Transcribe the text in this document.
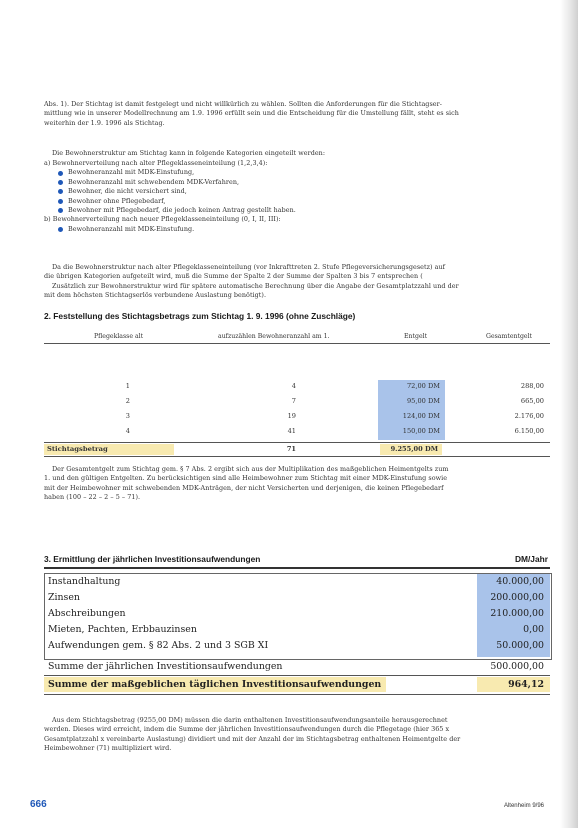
Abs. 1). Der Stichtag ist damit festgelegt und nicht willkürlich zu wählen. Sollten die Anforderungen für die Stichtagser-
mittlung wie in unserer Modellrechnung am 1.9. 1996 erfüllt sein und die Entscheidung für die Umstellung fällt, steht es sich
weiterhin der 1.9. 1996 als Stichtag.
Die Bewohnerstruktur am Stichtag kann in folgende Kategorien eingeteilt werden:
a) Bewohnerverteilung nach alter Pflegeklasseneinteilung (1,2,3,4):
Bewohneranzahl mit MDK-Einstufung,
Bewohneranzahl mit schwebendem MDK-Verfahren,
Bewohner, die nicht versichert sind,
Bewohner ohne Pflegebedarf,
Bewohner mit Pflegebedarf, die jedoch keinen Antrag gestellt haben.
b) Bewohnerverteilung nach neuer Pflegeklasseneinteilung (0, I, II, III):
Bewohneranzahl mit MDK-Einstufung.
Da die Bewohnerstruktur nach alter Pflegeklasseneinteilung (vor Inkrafttreten 2. Stufe Pflegeversicherungsgesetz) auf
die übrigen Kategorien aufgeteilt wird, muß die Summe der Spalte 2 der Summe der Spalten 3 bis 7 entsprechen (
Zusätzlich zur Bewohnerstruktur wird für spätere automatische Berechnung über die Angabe der Gesamtplatzzahl und der
mit dem höchsten Stichtagserlös verbundene Auslastung benötigt).
2. Feststellung des Stichtagsbetrags zum Stichtag 1. 9. 1996 (ohne Zuschläge)
Pflegeklasse alt	aufzuzählen Bewohneranzahl am 1.	Entgelt	Gesamtentgelt
1	4	72,00 DM	288,00
2	7	95,00 DM	665,00
3	19	124,00 DM	2.176,00
4	41	150,00 DM	6.150,00
Stichtagsbetrag	71	9.255,00 DM
Der Gesamtentgelt zum Stichtag gem. § 7 Abs. 2 ergibt sich aus der Multiplikation des maßgeblichen Heimentgelts zum
1. und den gültigen Entgelten. Zu berücksichtigen sind alle Heimbewohner zum Stichtag mit einer MDK-Einstufung sowie
mit der Heimbewohner mit schwebenden MDK-Anträgen, der nicht Versicherten und derjenigen, die keinen Pflegebedarf
haben (100 – 22 – 2 – 5 – 71).
3. Ermittlung der jährlichen Investitionsaufwendungen	DM/Jahr
Instandhaltung	40.000,00
Zinsen	200.000,00
Abschreibungen	210.000,00
Mieten, Pachten, Erbbauzinsen	0,00
Aufwendungen gem. § 82 Abs. 2 und 3 SGB XI	50.000,00
Summe der jährlichen Investitionsaufwendungen	500.000,00
Summe der maßgeblichen täglichen Investitionsaufwendungen	964,12
Aus dem Stichtagsbetrag (9255,00 DM) müssen die darin enthaltenen Investitionsaufwendungsanteile herausgerechnet
werden. Dieses wird erreicht, indem die Summe der jährlichen Investitionsaufwendungen durch die Pflegetage (hier 365 x
Gesamtplatzzahl x vereinbarte Auslastung) dividiert und mit der Anzahl der im Stichtagsbetrag enthaltenen Heimentgelte der
Heimbewohner (71) multipliziert wird.
666	Altenheim 9/96
